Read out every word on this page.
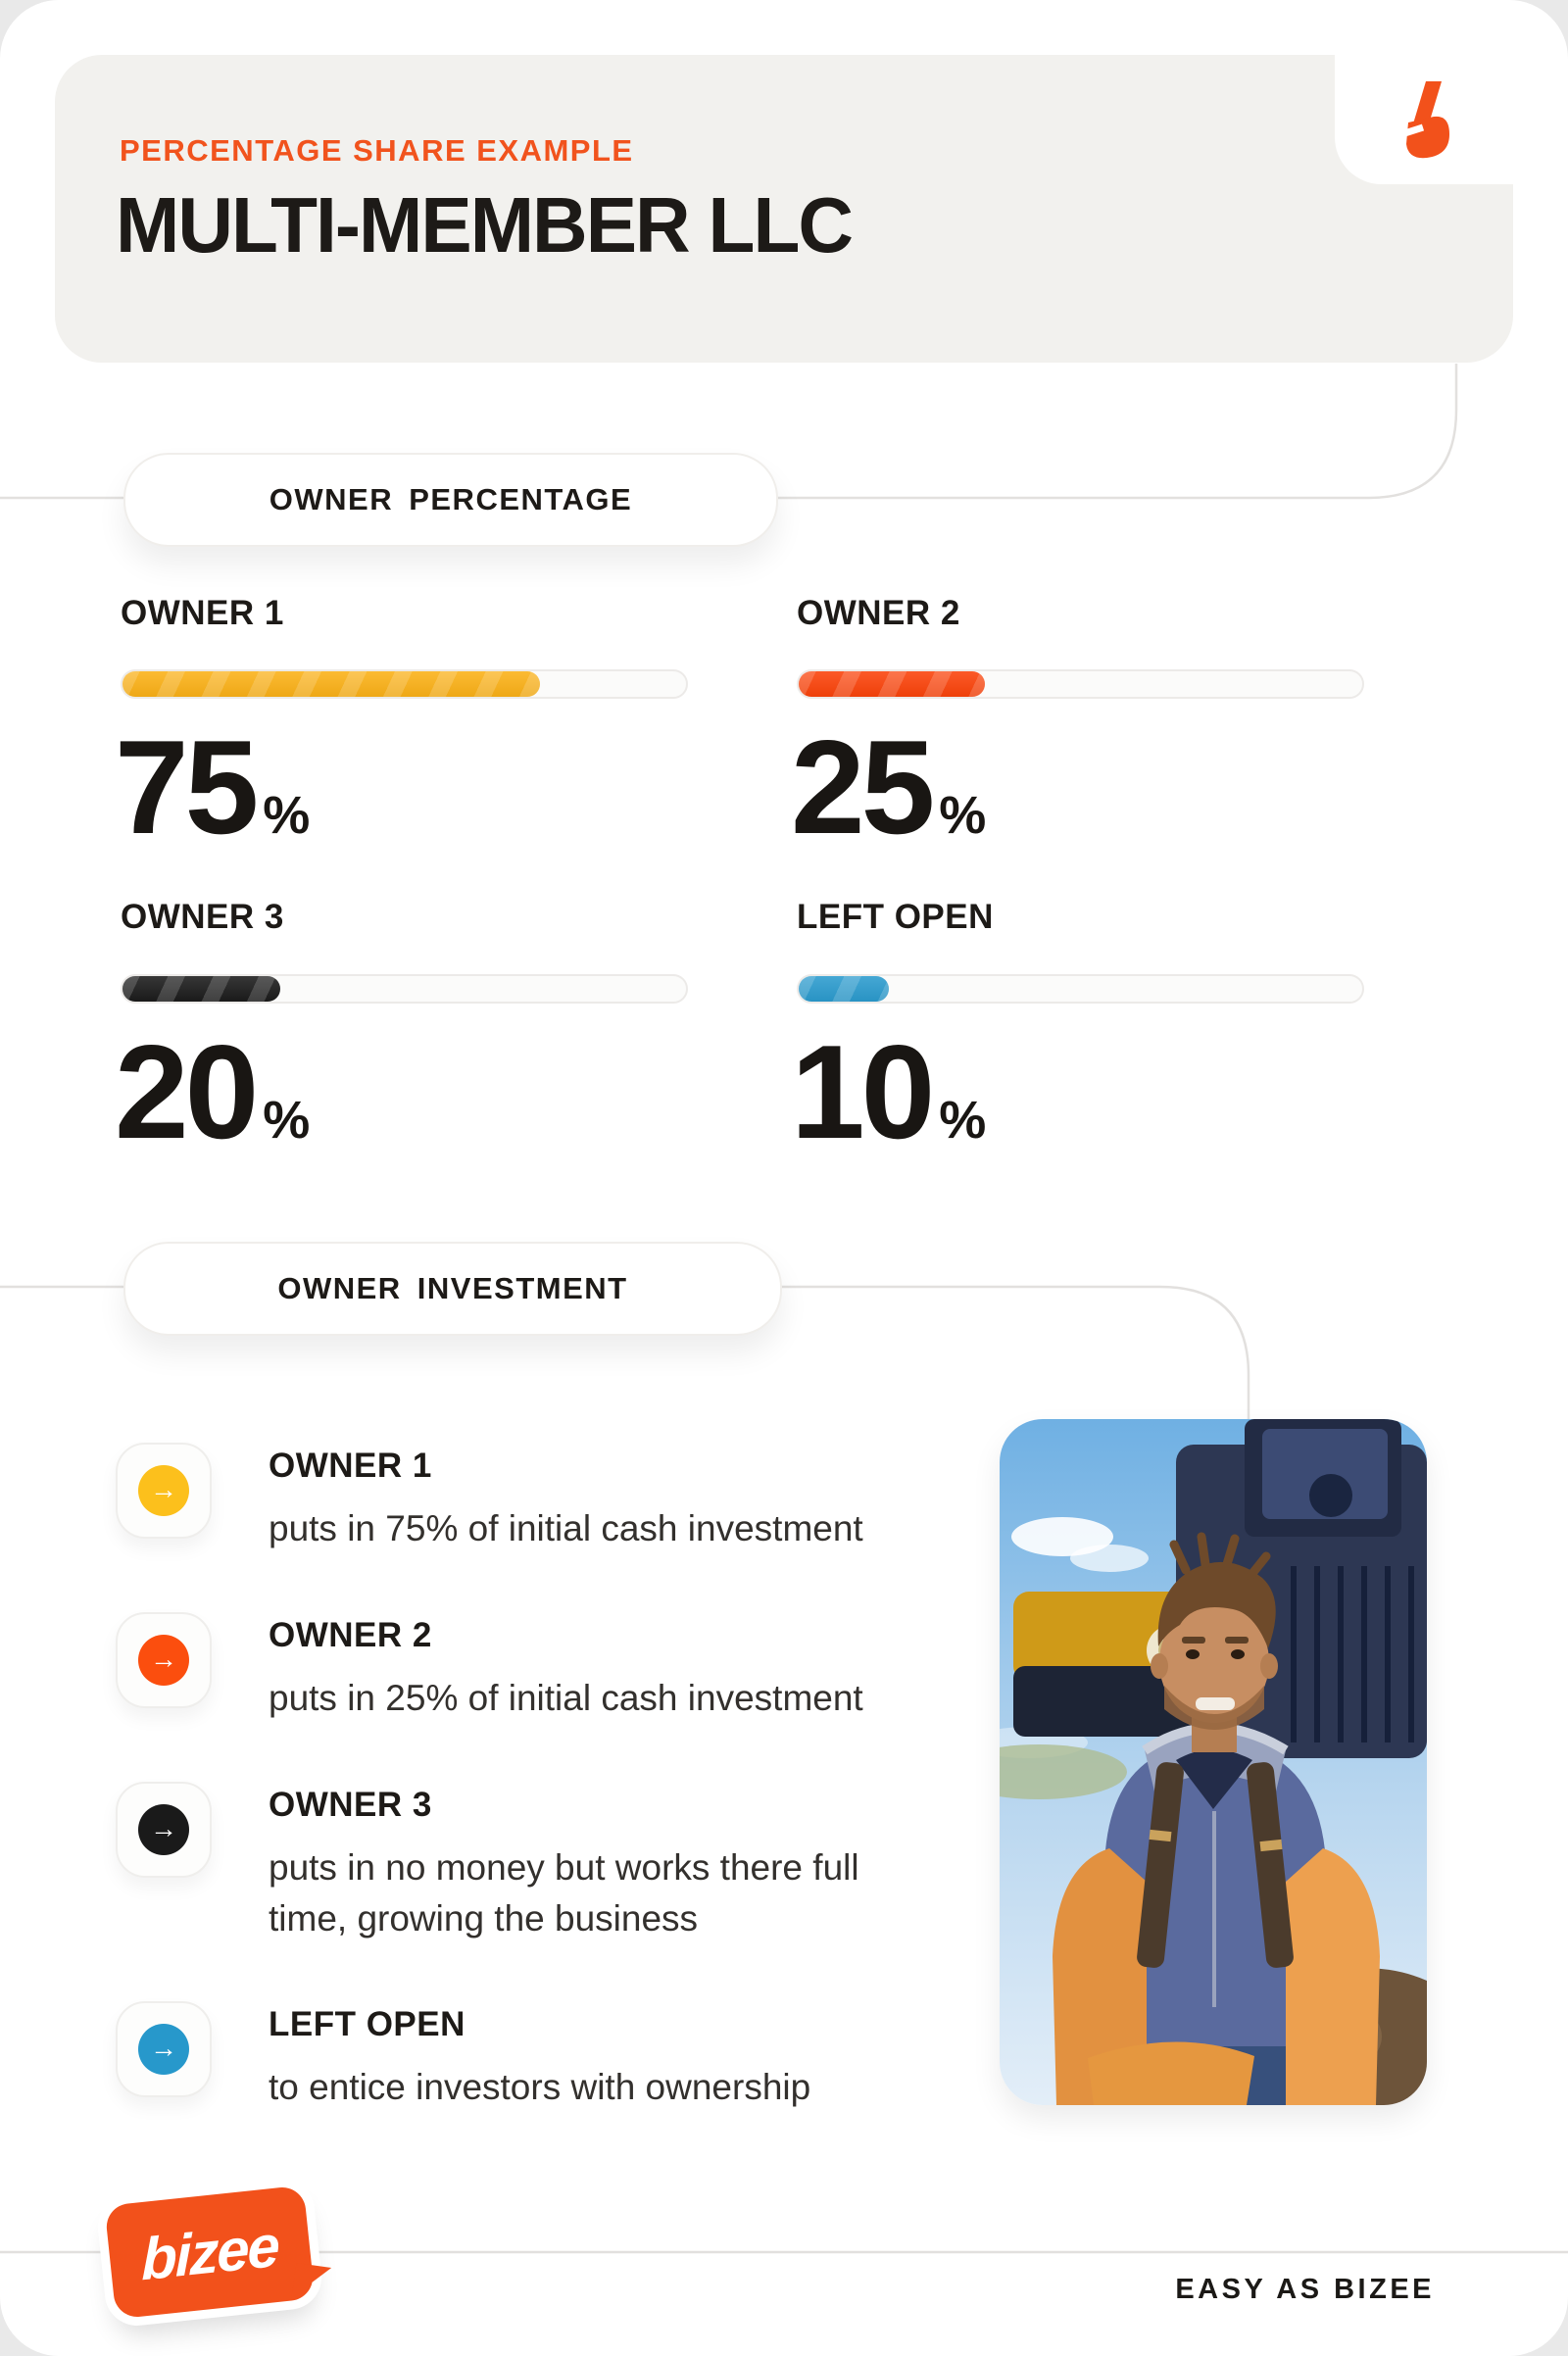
PERCENTAGE SHARE EXAMPLE
MULTI-MEMBER LLC
OWNER PERCENTAGE
OWNER 1
75 %
OWNER 2
25 %
OWNER 3
20 %
LEFT OPEN
10 %
OWNER INVESTMENT
→
OWNER 1
puts in 75% of initial cash investment
→
OWNER 2
puts in 25% of initial cash investment
→
OWNER 3
puts in no money but works there full time, growing the business
→
LEFT OPEN
to entice investors with ownership
bizee	EASY AS BIZEE
